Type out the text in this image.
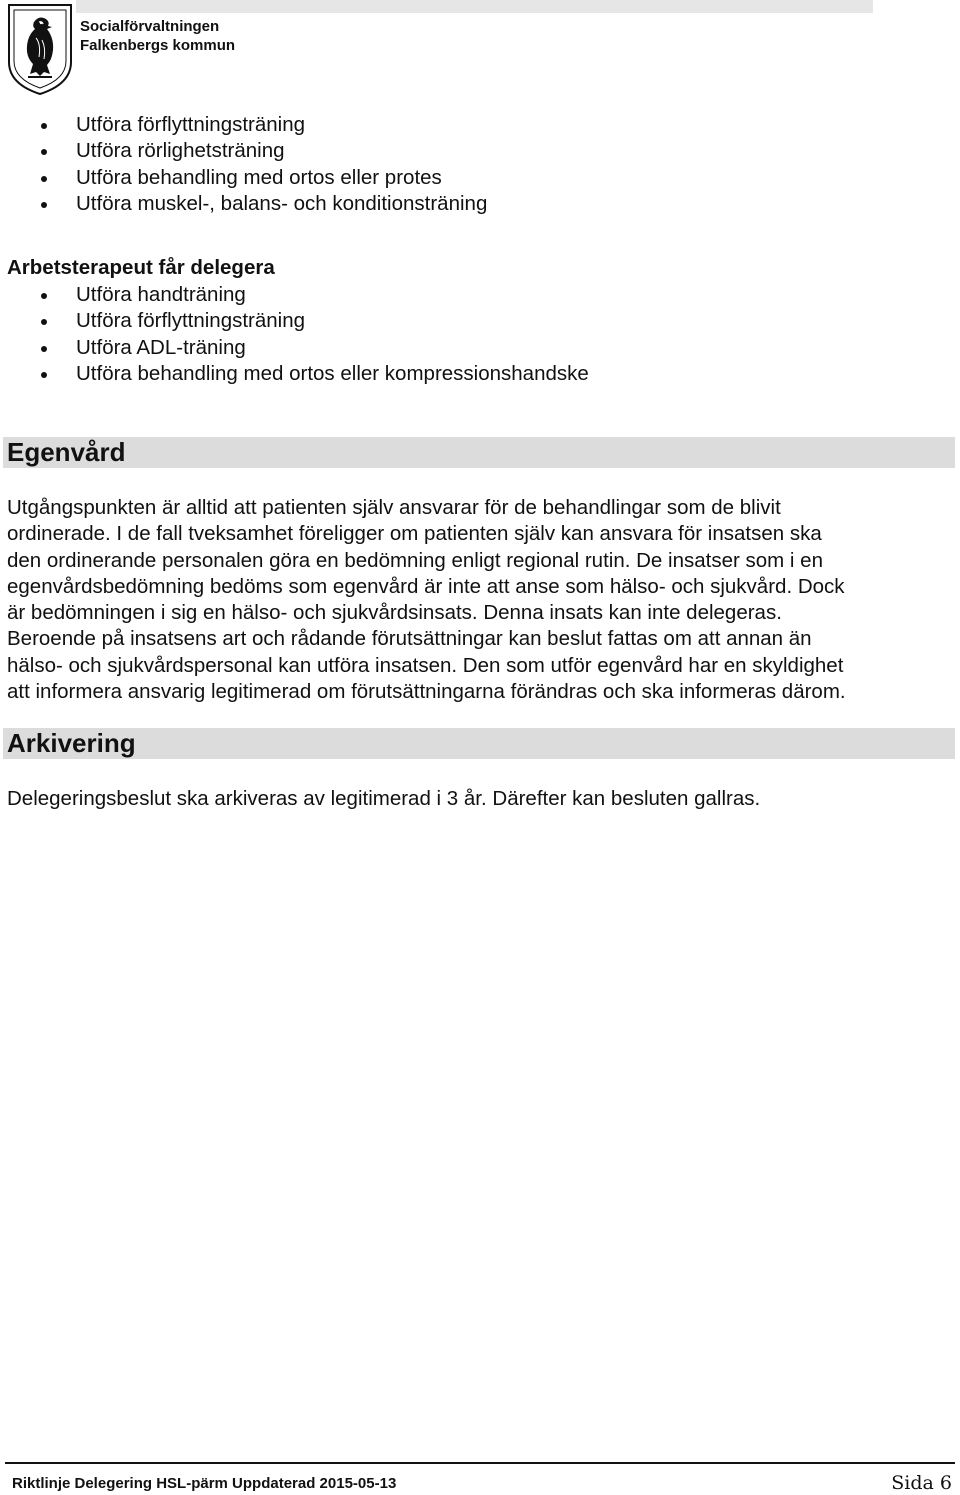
Socialförvaltningen
Falkenbergs kommun
Utföra förflyttningsträning
Utföra rörlighetsträning
Utföra behandling med ortos eller protes
Utföra muskel-, balans- och konditionsträning
Arbetsterapeut får delegera
Utföra handträning
Utföra förflyttningsträning
Utföra ADL-träning
Utföra behandling med ortos eller kompressionshandske
Egenvård
Utgångspunkten är alltid att patienten själv ansvarar för de behandlingar som de blivit
ordinerade. I de fall tveksamhet föreligger om patienten själv kan ansvara för insatsen ska
den ordinerande personalen göra en bedömning enligt regional rutin. De insatser som i en
egenvårdsbedömning bedöms som egenvård är inte att anse som hälso- och sjukvård. Dock
är bedömningen i sig en hälso- och sjukvårdsinsats. Denna insats kan inte delegeras.
Beroende på insatsens art och rådande förutsättningar kan beslut fattas om att annan än
hälso- och sjukvårdspersonal kan utföra insatsen. Den som utför egenvård har en skyldighet
att informera ansvarig legitimerad om förutsättningarna förändras och ska informeras därom.
Arkivering
Delegeringsbeslut ska arkiveras av legitimerad i 3 år. Därefter kan besluten gallras.
Riktlinje Delegering HSL-pärm Uppdaterad 2015-05-13	Sida 6
